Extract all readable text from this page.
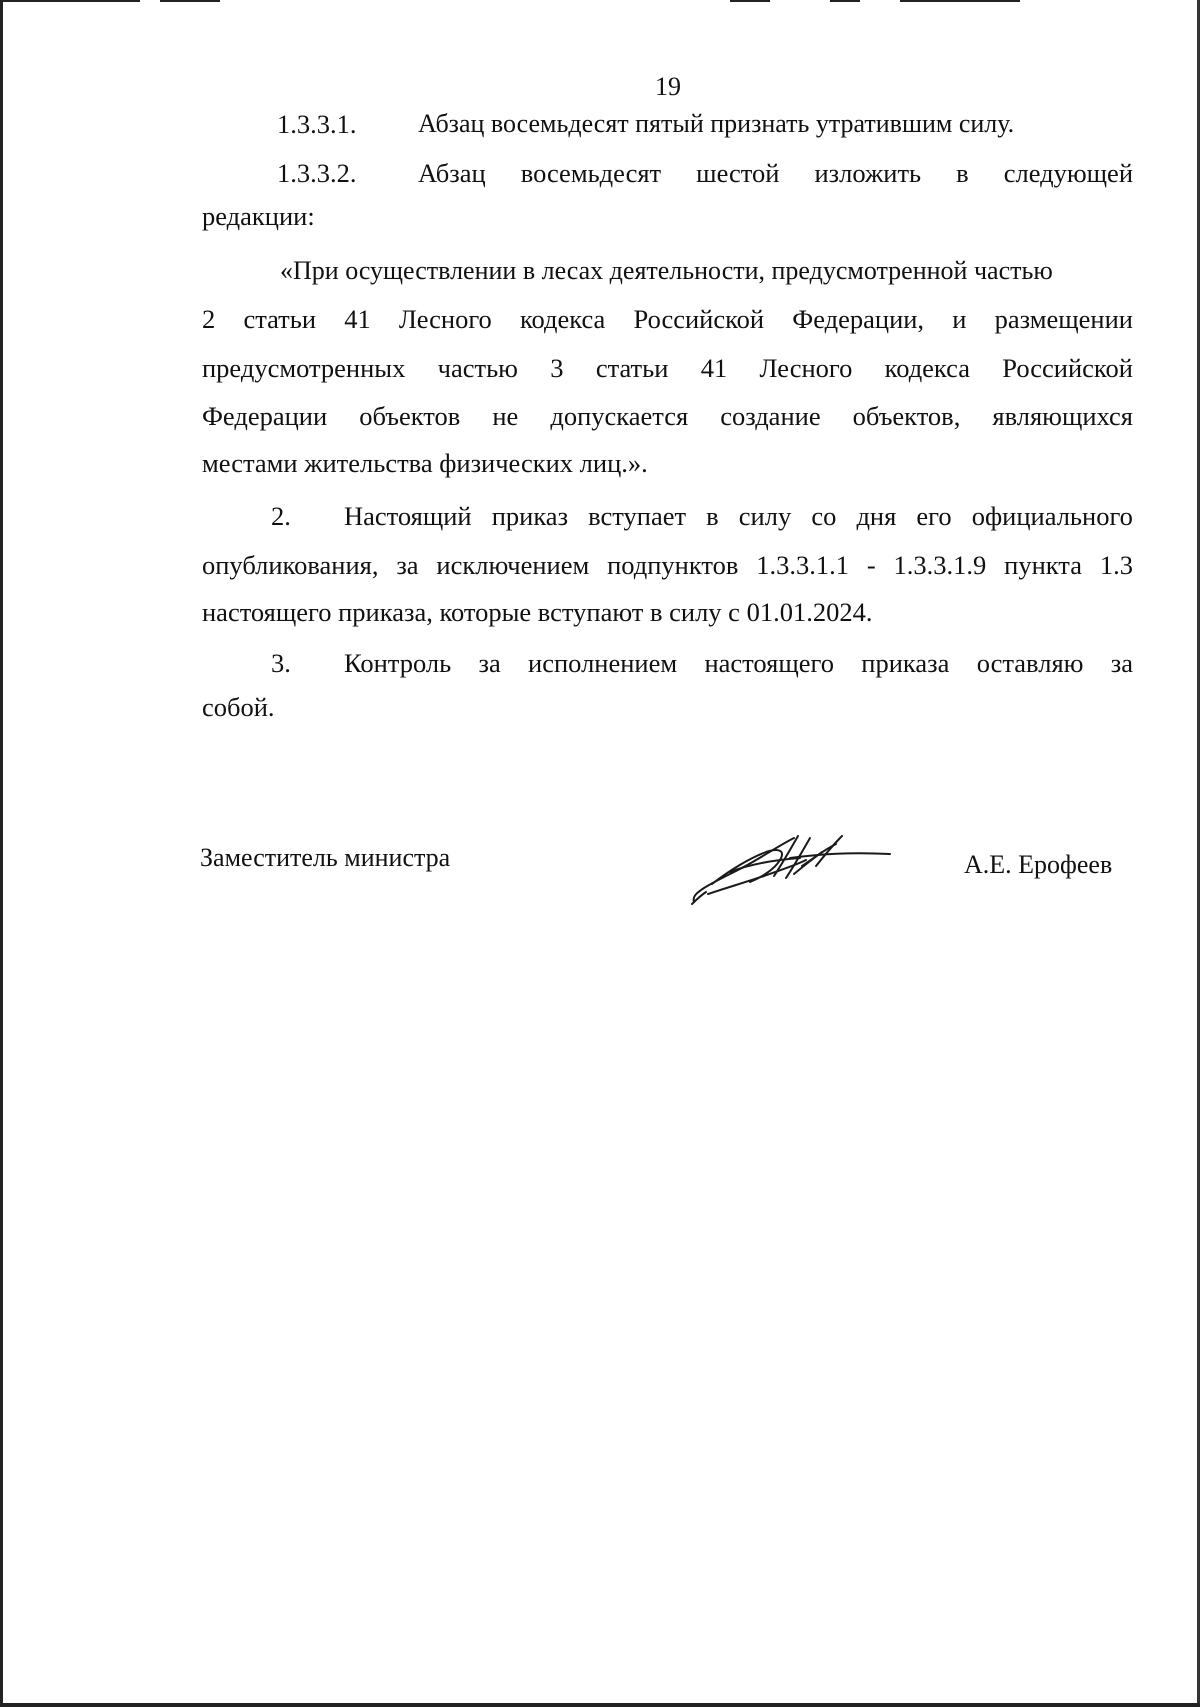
19
1.3.3.1. Абзац восемьдесят пятый признать утратившим силу.
1.3.3.2. Абзац восемьдесят шестой изложить в следующей
редакции:
«При осуществлении в лесах деятельности, предусмотренной частью
2 статьи 41 Лесного кодекса Российской Федерации, и размещении
предусмотренных частью 3 статьи 41 Лесного кодекса Российской
Федерации объектов не допускается создание объектов, являющихся
местами жительства физических лиц.».
2. Настоящий приказ вступает в силу со дня его официального
опубликования, за исключением подпунктов 1.3.3.1.1 - 1.3.3.1.9 пункта 1.3
настоящего приказа, которые вступают в силу с 01.01.2024.
3. Контроль за исполнением настоящего приказа оставляю за
собой.
Заместитель министра	А.Е. Ерофеев
